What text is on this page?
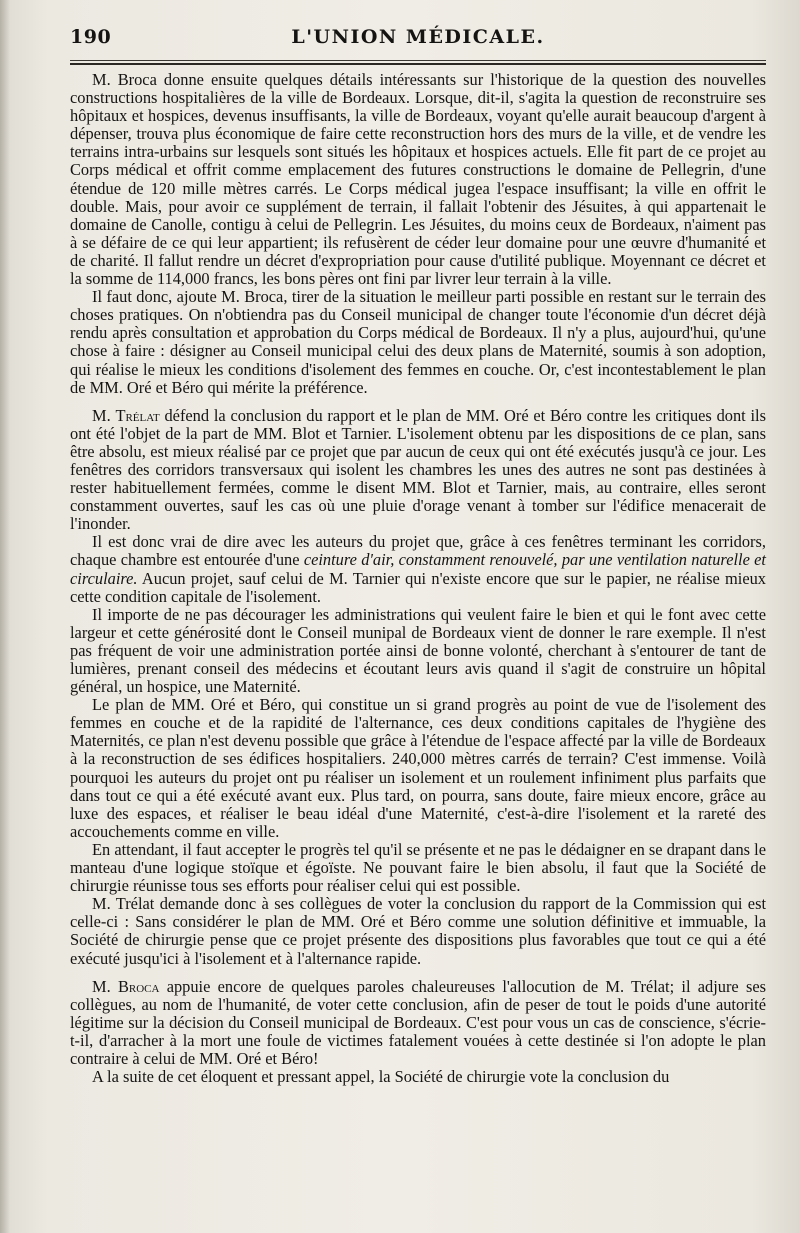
190	L'UNION MÉDICALE.

M. Broca donne ensuite quelques détails intéressants sur l'historique de la question des nouvelles constructions hospitalières de la ville de Bordeaux. Lorsque, dit-il, s'agita la question de reconstruire ses hôpitaux et hospices, devenus insuffisants, la ville de Bordeaux, voyant qu'elle aurait beaucoup d'argent à dépenser, trouva plus économique de faire cette reconstruction hors des murs de la ville, et de vendre les terrains intra-urbains sur lesquels sont situés les hôpitaux et hospices actuels. Elle fit part de ce projet au Corps médical et offrit comme emplacement des futures constructions le domaine de Pellegrin, d'une étendue de 120 mille mètres carrés. Le Corps médical jugea l'espace insuffisant; la ville en offrit le double. Mais, pour avoir ce supplément de terrain, il fallait l'obtenir des Jésuites, à qui appartenait le domaine de Canolle, contigu à celui de Pellegrin. Les Jésuites, du moins ceux de Bordeaux, n'aiment pas à se défaire de ce qui leur appartient; ils refusèrent de céder leur domaine pour une œuvre d'humanité et de charité. Il fallut rendre un décret d'expropriation pour cause d'utilité publique. Moyennant ce décret et la somme de 114,000 francs, les bons pères ont fini par livrer leur terrain à la ville.

Il faut donc, ajoute M. Broca, tirer de la situation le meilleur parti possible en restant sur le terrain des choses pratiques. On n'obtiendra pas du Conseil municipal de changer toute l'économie d'un décret déjà rendu après consultation et approbation du Corps médical de Bordeaux. Il n'y a plus, aujourd'hui, qu'une chose à faire : désigner au Conseil municipal celui des deux plans de Maternité, soumis à son adoption, qui réalise le mieux les conditions d'isolement des femmes en couche. Or, c'est incontestablement le plan de MM. Oré et Béro qui mérite la préférence.

M. Trélat défend la conclusion du rapport et le plan de MM. Oré et Béro contre les critiques dont ils ont été l'objet de la part de MM. Blot et Tarnier. L'isolement obtenu par les dispositions de ce plan, sans être absolu, est mieux réalisé par ce projet que par aucun de ceux qui ont été exécutés jusqu'à ce jour. Les fenêtres des corridors transversaux qui isolent les chambres les unes des autres ne sont pas destinées à rester habituellement fermées, comme le disent MM. Blot et Tarnier, mais, au contraire, elles seront constamment ouvertes, sauf les cas où une pluie d'orage venant à tomber sur l'édifice menacerait de l'inonder.

Il est donc vrai de dire avec les auteurs du projet que, grâce à ces fenêtres terminant les corridors, chaque chambre est entourée d'une ceinture d'air, constamment renouvelé, par une ventilation naturelle et circulaire. Aucun projet, sauf celui de M. Tarnier qui n'existe encore que sur le papier, ne réalise mieux cette condition capitale de l'isolement.

Il importe de ne pas décourager les administrations qui veulent faire le bien et qui le font avec cette largeur et cette générosité dont le Conseil munipal de Bordeaux vient de donner le rare exemple. Il n'est pas fréquent de voir une administration portée ainsi de bonne volonté, cherchant à s'entourer de tant de lumières, prenant conseil des médecins et écoutant leurs avis quand il s'agit de construire un hôpital général, un hospice, une Maternité.

Le plan de MM. Oré et Béro, qui constitue un si grand progrès au point de vue de l'isolement des femmes en couche et de la rapidité de l'alternance, ces deux conditions capitales de l'hygiène des Maternités, ce plan n'est devenu possible que grâce à l'étendue de l'espace affecté par la ville de Bordeaux à la reconstruction de ses édifices hospitaliers. 240,000 mètres carrés de terrain? C'est immense. Voilà pourquoi les auteurs du projet ont pu réaliser un isolement et un roulement infiniment plus parfaits que dans tout ce qui a été exécuté avant eux. Plus tard, on pourra, sans doute, faire mieux encore, grâce au luxe des espaces, et réaliser le beau idéal d'une Maternité, c'est-à-dire l'isolement et la rareté des accouchements comme en ville.

En attendant, il faut accepter le progrès tel qu'il se présente et ne pas le dédaigner en se drapant dans le manteau d'une logique stoïque et égoïste. Ne pouvant faire le bien absolu, il faut que la Société de chirurgie réunisse tous ses efforts pour réaliser celui qui est possible.

M. Trélat demande donc à ses collègues de voter la conclusion du rapport de la Commission qui est celle-ci : Sans considérer le plan de MM. Oré et Béro comme une solution définitive et immuable, la Société de chirurgie pense que ce projet présente des dispositions plus favorables que tout ce qui a été exécuté jusqu'ici à l'isolement et à l'alternance rapide.

M. Broca appuie encore de quelques paroles chaleureuses l'allocution de M. Trélat; il adjure ses collègues, au nom de l'humanité, de voter cette conclusion, afin de peser de tout le poids d'une autorité légitime sur la décision du Conseil municipal de Bordeaux. C'est pour vous un cas de conscience, s'écrie-t-il, d'arracher à la mort une foule de victimes fatalement vouées à cette destinée si l'on adopte le plan contraire à celui de MM. Oré et Béro!

A la suite de cet éloquent et pressant appel, la Société de chirurgie vote la conclusion du
